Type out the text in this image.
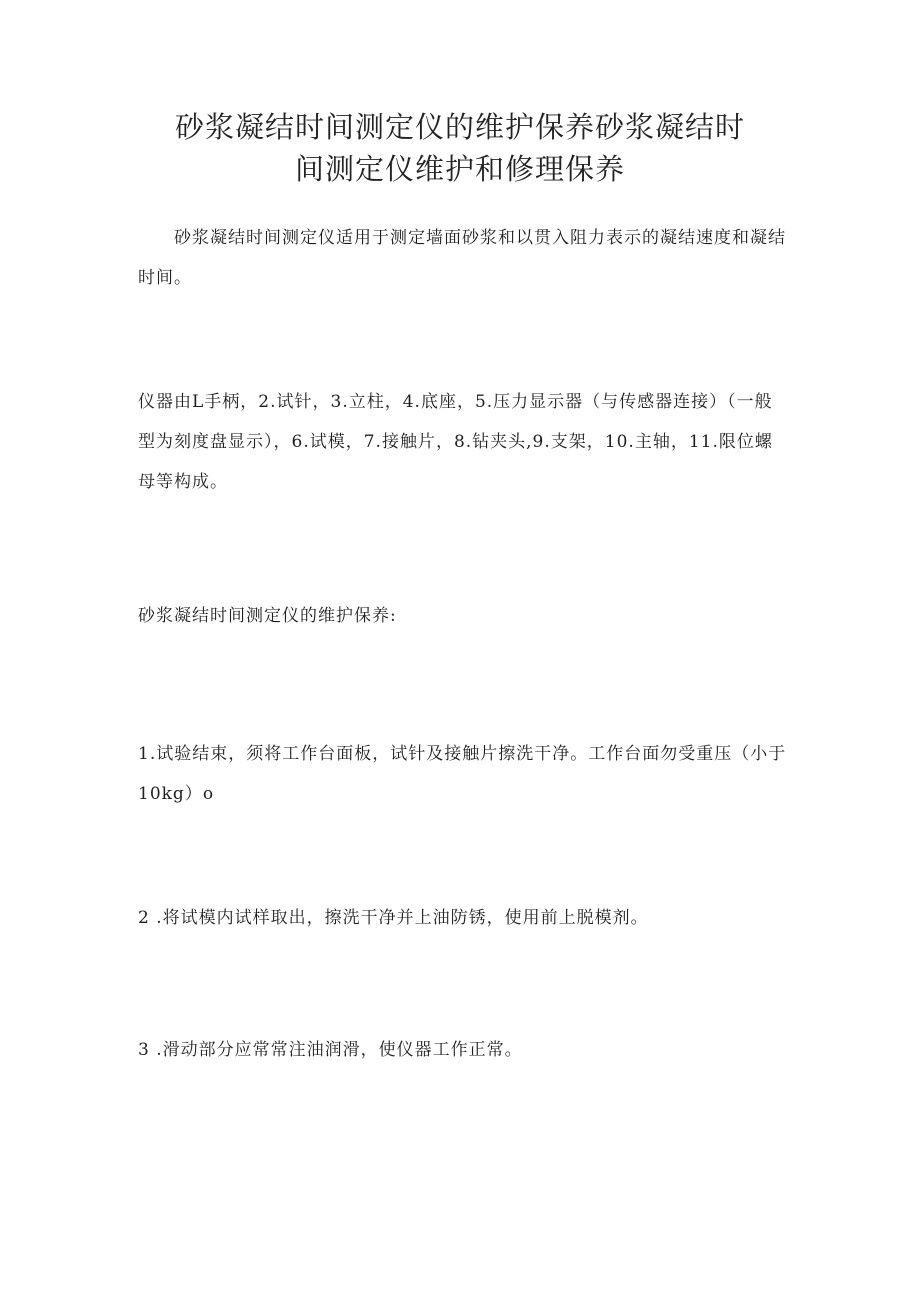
砂浆凝结时间测定仪的维护保养砂浆凝结时
间测定仪维护和修理保养

砂浆凝结时间测定仪适用于测定墙面砂浆和以贯入阻力表示的凝结速度和凝结时间。

仪器由L手柄，2.试针，3.立柱，4.底座，5.压力显示器（与传感器连接）（一般型为刻度盘显示），6.试模，7.接触片，8.钻夹头,9.支架，10.主轴，11.限位螺母等构成。

砂浆凝结时间测定仪的维护保养:

1.试验结束，须将工作台面板，试针及接触片擦洗干净。工作台面勿受重压（小于10kg）o

2 .将试模内试样取出，擦洗干净并上油防锈，使用前上脱模剂。

3 .滑动部分应常常注油润滑，使仪器工作正常。
